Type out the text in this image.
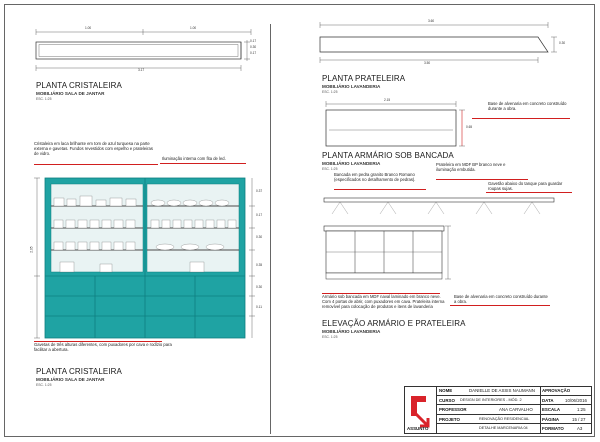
1.00	1.00
0.30
0.17
0.17
3.17
PLANTA CRISTALEIRA
MOBILIÁRIO SALA DE JANTAR
ESC. 1:25
Cristaleira em laca brilhante em tom de azul turquesa na parte externa e gavetas. Fundos revestidos com espelho e prateleiras de vidro.
Iluminação interna com fita de led.
2.05
0.37
0.17
0.30
0.35
0.30
0.11
Gavetas de três alturas diferentes, com puxadores por cava e rodízio para facilitar a abertura.
PLANTA CRISTALEIRA
MOBILIÁRIO SALA DE JANTAR
ESC. 1:25
3.60
0.30
3.50
PLANTA PRATELEIRA
MOBILIÁRIO LAVANDERIA
ESC. 1:25
2.15
0.65
Base de alvenaria em concreto construído durante a obra.
PLANTA ARMÁRIO SOB BANCADA
MOBILIÁRIO LAVANDERIA
ESC. 1:25
Prateleira em MDF BP branco neve e iluminação embutida.
Bancada em pedra granito Branco Romano (especificados no detalhamento de pedras).
Gavetão abaixo do tanque para guardar roupas sujas.
Armário sob bancada em MDF naval laminado em branco neve. Com 4 portas de abrir, com puxadores em cava. Prateleira interna removível para colocação de produtos e itens de lavanderia
Base de alvenaria em concreto construído durante a obra.
ELEVAÇÃO ARMÁRIO E PRATELEIRA
MOBILIÁRIO LAVANDERIA
ESC. 1:25
NOME	DANIELLE DE ASSIS NAUMANN APROVAÇÃO
CURSO DESIGN DE INTERIORES - MÓD. 2	DATA	10/06/2016
PROFESSOR	ANA CARVALHO ESCALA	1:25
PROJETO	RENOVAÇÃO RESIDENCIAL	PÁGINA	15 / 27
ASSUNTO	DETALHE MARCENARIA 04	FORMATO	A3
